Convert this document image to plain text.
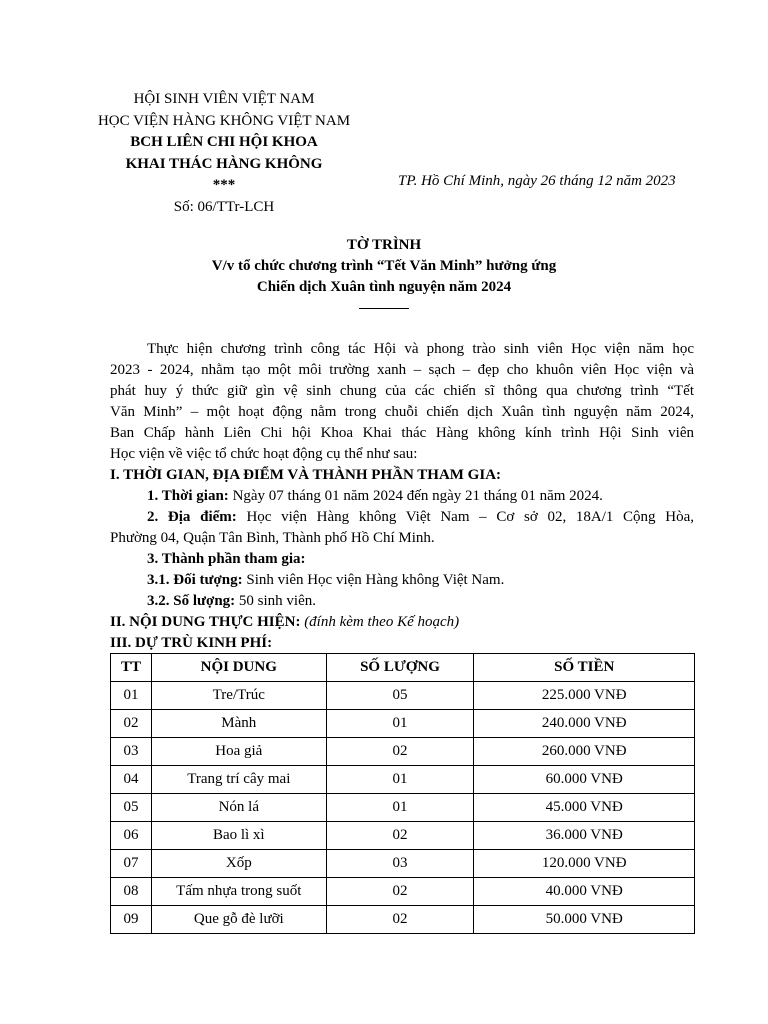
HỘI SINH VIÊN VIỆT NAM
HỌC VIỆN HÀNG KHÔNG VIỆT NAM
BCH LIÊN CHI HỘI KHOA
KHAI THÁC HÀNG KHÔNG
***
Số: 06/TTr-LCH
TP. Hồ Chí Minh, ngày 26 tháng 12 năm 2023
TỜ TRÌNH
V/v tổ chức chương trình “Tết Văn Minh” hưởng ứng
Chiến dịch Xuân tình nguyện năm 2024
Thực hiện chương trình công tác Hội và phong trào sinh viên Học viện năm học
2023 - 2024, nhằm tạo một môi trường xanh – sạch – đẹp cho khuôn viên Học viện và
phát huy ý thức giữ gìn vệ sinh chung của các chiến sĩ thông qua chương trình “Tết
Văn Minh” – một hoạt động nằm trong chuỗi chiến dịch Xuân tình nguyện năm 2024,
Ban Chấp hành Liên Chi hội Khoa Khai thác Hàng không kính trình Hội Sinh viên
Học viện về việc tổ chức hoạt động cụ thể như sau:
I. THỜI GIAN, ĐỊA ĐIỂM VÀ THÀNH PHẦN THAM GIA:
1. Thời gian: Ngày 07 tháng 01 năm 2024 đến ngày 21 tháng 01 năm 2024.
2. Địa điểm: Học viện Hàng không Việt Nam – Cơ sở 02, 18A/1 Cộng Hòa,
Phường 04, Quận Tân Bình, Thành phố Hồ Chí Minh.
3. Thành phần tham gia:
3.1. Đối tượng: Sinh viên Học viện Hàng không Việt Nam.
3.2. Số lượng: 50 sinh viên.
II. NỘI DUNG THỰC HIỆN: (đính kèm theo Kế hoạch)
III. DỰ TRÙ KINH PHÍ:
TT	NỘI DUNG	SỐ LƯỢNG	SỐ TIỀN
01	Tre/Trúc	05	225.000 VNĐ
02	Mành	01	240.000 VNĐ
03	Hoa giả	02	260.000 VNĐ
04	Trang trí cây mai	01	60.000 VNĐ
05	Nón lá	01	45.000 VNĐ
06	Bao lì xì	02	36.000 VNĐ
07	Xốp	03	120.000 VNĐ
08	Tấm nhựa trong suốt	02	40.000 VNĐ
09	Que gỗ đè lưỡi	02	50.000 VNĐ
